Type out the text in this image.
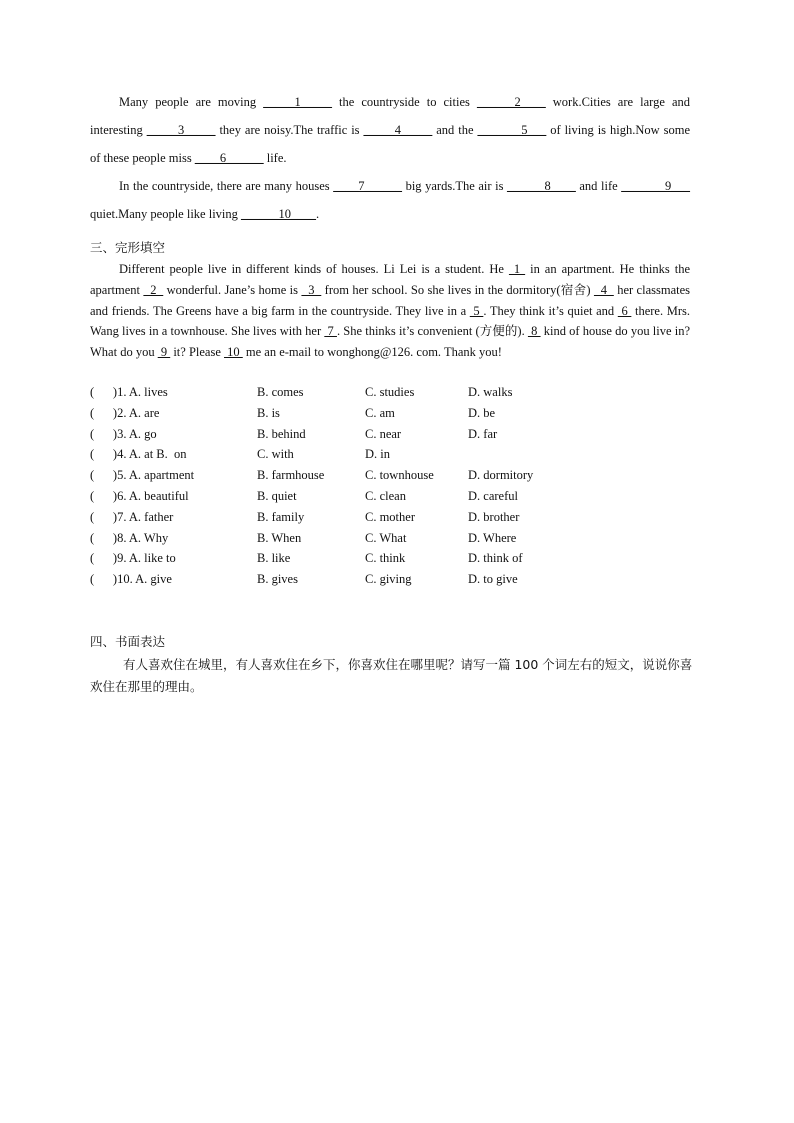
Many people are moving _____1_____ the countryside to cities ______2____ work.Cities are large and interesting _____3_____ they are noisy.The traffic is _____4_____ and the _______5___ of living is high.Now some of these people miss ____6______ life.

In the countryside, there are many houses ____7______ big yards.The air is ______8____ and life _______9___ quiet.Many people like living ______10____.

三、完形填空

Different people live in different kinds of houses. Li Lei is a student. He  1  in an apartment. He thinks the apartment   2   wonderful. Jane’s home is   3   from her school. So she lives in the dormitory(宿舍)   4   her classmates and friends. The Greens have a big farm in the countryside. They live in a  5 . They think it’s quiet and  6  there. Mrs. Wang lives in a townhouse. She lives with her  7 . She thinks it’s convenient (方便的).  8  kind of house do you live in? What do you  9  it? Please  10  me an e-mail to wonghong@126. com. Thank you!

(      )1. A. lives	B. comes	C. studies	D. walks
(      )2. A. are	B. is	C. am	D. be
(      )3. A. go	B. behind	C. near	D. far
(      )4. A. at B.  on	C. with	D. in
(      )5. A. apartment	B. farmhouse	C. townhouse	D. dormitory
(      )6. A. beautiful	B. quiet	C. clean	D. careful
(      )7. A. father	B. family	C. mother	D. brother
(      )8. A. Why	B. When	C. What	D. Where
(      )9. A. like to	B. like	C. think	D. think of
(      )10. A. give	B. gives	C. giving	D. to give
四、书面表达

有人喜欢住在城里，有人喜欢住在乡下，你喜欢住在哪里呢？请写一篇 100 个词左右的短文，说说你喜欢住在那里的理由。
